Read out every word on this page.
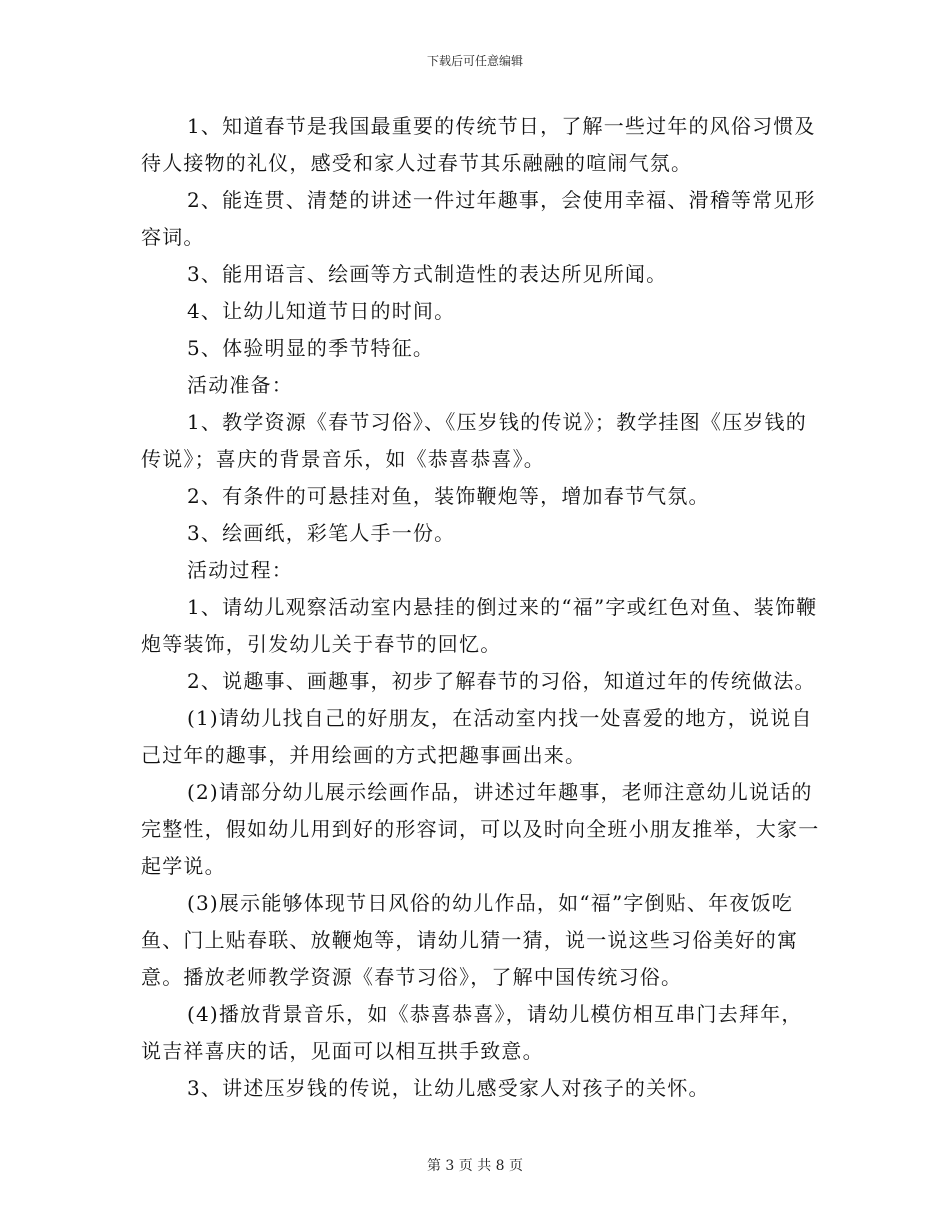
下载后可任意编辑

1、知道春节是我国最重要的传统节日，了解一些过年的风俗习惯及待人接物的礼仪，感受和家人过春节其乐融融的喧闹气氛。

2、能连贯、清楚的讲述一件过年趣事，会使用幸福、滑稽等常见形容词。

3、能用语言、绘画等方式制造性的表达所见所闻。

4、让幼儿知道节日的时间。

5、体验明显的季节特征。

活动准备：

1、教学资源《春节习俗》、《压岁钱的传说》；教学挂图《压岁钱的传说》；喜庆的背景音乐，如《恭喜恭喜》。

2、有条件的可悬挂对鱼，装饰鞭炮等，增加春节气氛。

3、绘画纸，彩笔人手一份。

活动过程：

1、请幼儿观察活动室内悬挂的倒过来的“福”字或红色对鱼、装饰鞭炮等装饰，引发幼儿关于春节的回忆。

2、说趣事、画趣事，初步了解春节的习俗，知道过年的传统做法。

(1)请幼儿找自己的好朋友，在活动室内找一处喜爱的地方，说说自己过年的趣事，并用绘画的方式把趣事画出来。

(2)请部分幼儿展示绘画作品，讲述过年趣事，老师注意幼儿说话的完整性，假如幼儿用到好的形容词，可以及时向全班小朋友推举，大家一起学说。

(3)展示能够体现节日风俗的幼儿作品，如“福”字倒贴、年夜饭吃鱼、门上贴春联、放鞭炮等，请幼儿猜一猜，说一说这些习俗美好的寓意。播放老师教学资源《春节习俗》，了解中国传统习俗。

(4)播放背景音乐，如《恭喜恭喜》，请幼儿模仿相互串门去拜年，说吉祥喜庆的话，见面可以相互拱手致意。

3、讲述压岁钱的传说，让幼儿感受家人对孩子的关怀。

第 3 页 共 8 页
